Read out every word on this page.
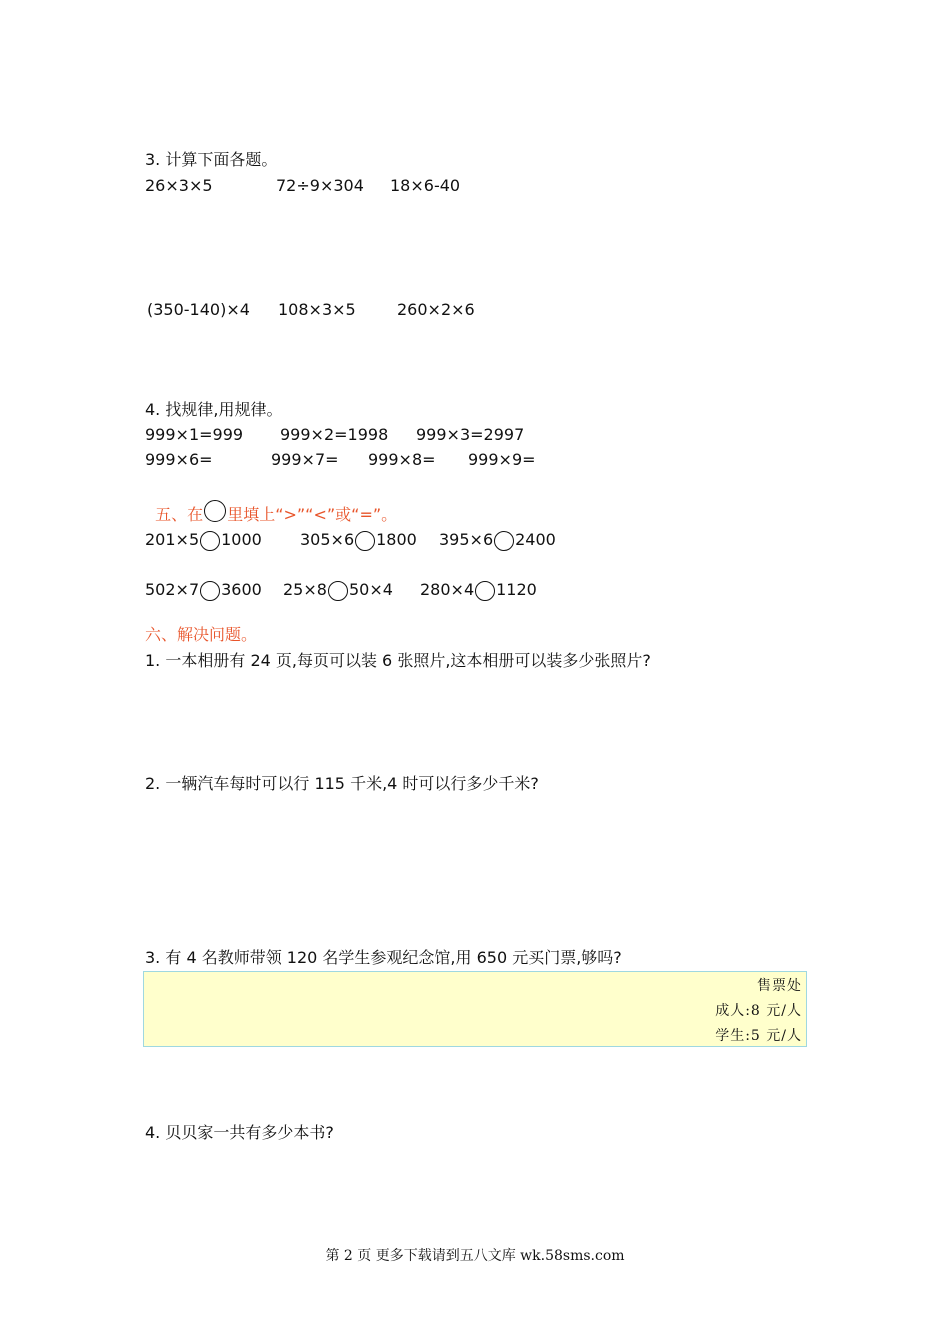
3. 计算下面各题。
26×3×5	72÷9×304 18×6-40
(350-140)×4 108×3×5	260×2×6
4. 找规律,用规律。
999×1=999 999×2=1998 999×3=2997
999×6=	999×7= 999×8= 999×9=

五、在 里填上“>”“<”或“=”。

201×5 1000 305×6 1800 395×6 2400
502×7 3600 25×8 50×4 280×4 1120
六、解决问题。
1. 一本相册有 24 页,每页可以装 6 张照片,这本相册可以装多少张照片?
2. 一辆汽车每时可以行 115 千米,4 时可以行多少千米?
3. 有 4 名教师带领 120 名学生参观纪念馆,用 650 元买门票,够吗?
售票处
成人:8 元/人
学生:5 元/人
4. 贝贝家一共有多少本书?
第 2 页 更多下载请到五八文库 wk.58sms.com
